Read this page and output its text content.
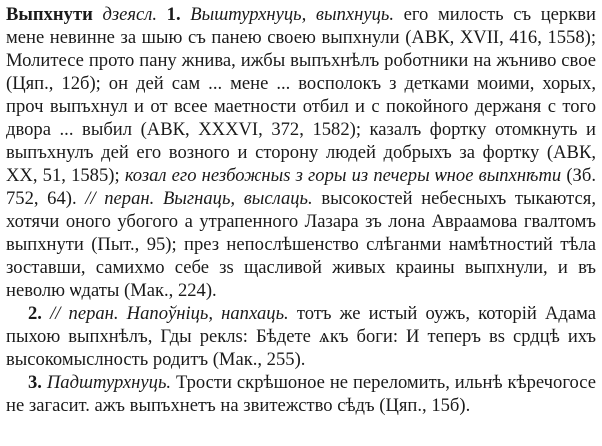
Выпхнути дзеясл. 1. Выштурхнуць, выпхнуць. его милость съ церкви мене невинне за шыю съ панею своею выпхнули (АВК, XVII, 416, 1558); Молитесе прото пану жнива, ижбы выпъхнѣлъ роботники на жъниво свое (Цяп., 12б); он дей сам ... мене ... восполокъ з детками моими, хорых, проч выпъхнул и от всее маетности отбил и с покойного держаня с того двора ... выбил (АВК, XXXVI, 372, 1582); казалъ фортку отомкнуть и выпъхнулъ дей его возного и сторону людей добрыхъ за фортку (АВК, XX, 51, 1585); козал его незбожныѕ з горы из печеры ѡное выпхнѣти (Зб. 752, 64). // перан. Выгнаць, выслаць. высокостей небесныхъ тыкаются, хотячи оного убогого а утрапенного Лазара зъ лона Авраамова гвалтомъ выпхнути (Пыт., 95); през непослѣшенство слѣганми намѣтностий тѣла зоставши, самихмо себе зѕ щасливой живых краины выпхнули, и въ неволю ѡдаты (Мак., 224).

2. // перан. Напоўніць, напхаць. тотъ же истый оужъ, которій Адама пыхою выпхнѣлъ, Гды реклѕ: Бѣдете ѧкъ боги: И теперъ вѕ срдцѣ ихъ высокомыслность родитъ (Мак., 255).

3. Падштурхнуць. Трости скрѣшоное не переломить, ильнѣ кѣречогосе не загасит. ажъ выпъхнетъ на звитежство сѣдъ (Цяп., 15б).
